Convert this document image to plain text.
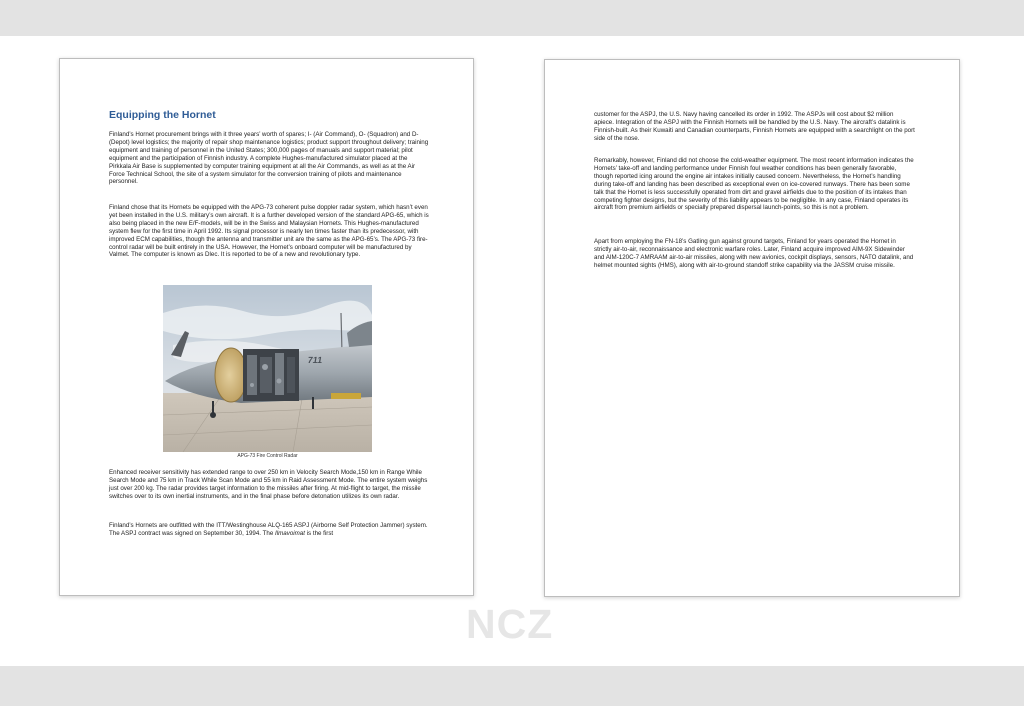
Equipping the Hornet

Finland’s Hornet procurement brings with it three years’ worth of spares; I- (Air Command), O- (Squadron) and D- (Depot) level logistics; the majority of repair shop maintenance logistics; product support throughout delivery; training equipment and training of personnel in the United States; 300,000 pages of manuals and support material; pilot equipment and the participation of Finnish industry. A complete Hughes-manufactured simulator placed at the Pirkkala Air Base is supplemented by computer training equipment at all the Air Commands, as well as at the Air Force Technical School, the site of a system simulator for the conversion training of pilots and maintenance personnel.

Finland chose that its Hornets be equipped with the APG-73 coherent pulse doppler radar system, which hasn’t even yet been installed in the U.S. military’s own aircraft. It is a further developed version of the standard APG-65, which is also being placed in the new E/F-models, will be in the Swiss and Malaysian Hornets. This Hughes-manufactured system flew for the first time in April 1992. Its signal processor is nearly ten times faster than its predecessor, with improved ECM capabilities, though the antenna and transmitter unit are the same as the APG-65’s. The APG-73 fire-control radar will be built entirely in the USA. However, the Hornet’s onboard computer will be manufactured by Valmet. The computer is known as Dlec. It is reported to be of a new and revolutionary type.

711

APG-73 Fire Control Radar

Enhanced receiver sensitivity has extended range to over 250 km in Velocity Search Mode,150 km in Range While Search Mode and 75 km in Track While Scan Mode and 55 km in Raid Assessment Mode. The entire system weighs just over 200 kg. The radar provides target information to the missiles after firing. At mid-flight to target, the missile switches over to its own inertial instruments, and in the final phase before detonation utilizes its own radar.

Finland’s Hornets are outfitted with the ITT/Westinghouse ALQ-165 ASPJ (Airborne Self Protection Jammer) system. The ASPJ contract was signed on September 30, 1994. The Ilmavoimat is the first

customer for the ASPJ, the U.S. Navy having cancelled its order in 1992. The ASPJs will cost about $2 million apiece. Integration of the ASPJ with the Finnish Hornets will be handled by the U.S. Navy. The aircraft’s datalink is Finnish-built. As their Kuwaiti and Canadian counterparts, Finnish Hornets are equipped with a searchlight on the port side of the nose.

Remarkably, however, Finland did not choose the cold-weather equipment. The most recent information indicates the Hornets’ take-off and landing performance under Finnish foul weather conditions has been generally favorable, though reported icing around the engine air intakes initially caused concern. Nevertheless, the Hornet’s handling during take-off and landing has been described as exceptional even on ice-covered runways. There has been some talk that the Hornet is less successfully operated from dirt and gravel airfields due to the position of its intakes than competing fighter designs, but the severity of this liability appears to be negligible. In any case, Finland operates its aircraft from premium airfields or specially prepared dispersal launch-points, so this is not a problem.

Apart from employing the FN-18’s Gatling gun against ground targets, Finland for years operated the Hornet in strictly air-to-air, reconnaissance and electronic warfare roles. Later, Finland acquire improved AIM-9X Sidewinder and AIM-120C-7 AMRAAM air-to-air missiles, along with new avionics, cockpit displays, sensors, NATO datalink, and helmet mounted sights (HMS), along with air-to-ground standoff strike capability via the JASSM cruise missile.

NCZ
